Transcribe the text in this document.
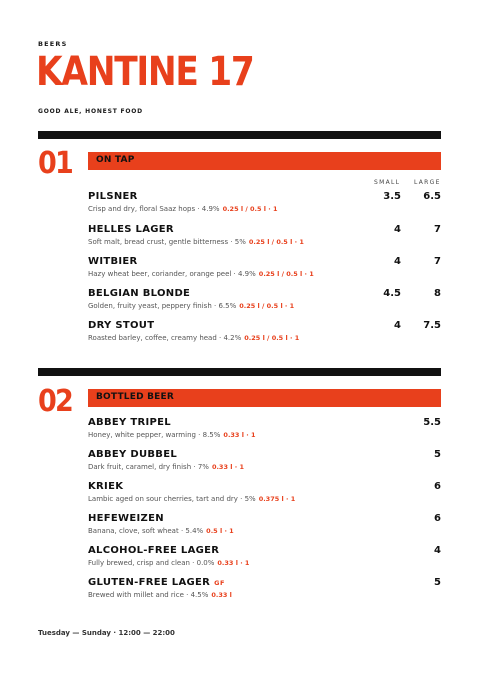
BEERS
KANTINE 17
GOOD ALE, HONEST FOOD
01	ON TAP
SMALL LARGE
PILSNER
Crisp and dry, floral Saaz hops · 4.9% 0.25 l / 0.5 l · 1
3.5	6.5
HELLES LAGER
Soft malt, bread crust, gentle bitterness · 5% 0.25 l / 0.5 l · 1
4	7
WITBIER
Hazy wheat beer, coriander, orange peel · 4.9% 0.25 l / 0.5 l · 1
4	7
BELGIAN BLONDE
Golden, fruity yeast, peppery finish · 6.5% 0.25 l / 0.5 l · 1
4.5	8
DRY STOUT
Roasted barley, coffee, creamy head · 4.2% 0.25 l / 0.5 l · 1
4	7.5
02	BOTTLED BEER
ABBEY TRIPEL
Honey, white pepper, warming · 8.5% 0.33 l · 1
5.5
ABBEY DUBBEL
Dark fruit, caramel, dry finish · 7% 0.33 l · 1
5
KRIEK
Lambic aged on sour cherries, tart and dry · 5% 0.375 l · 1
6
HEFEWEIZEN
Banana, clove, soft wheat · 5.4% 0.5 l · 1
6
ALCOHOL-FREE LAGER
Fully brewed, crisp and clean · 0.0% 0.33 l · 1
4
GLUTEN-FREE LAGER GF
Brewed with millet and rice · 4.5% 0.33 l
5
Tuesday — Sunday · 12:00 — 22:00
